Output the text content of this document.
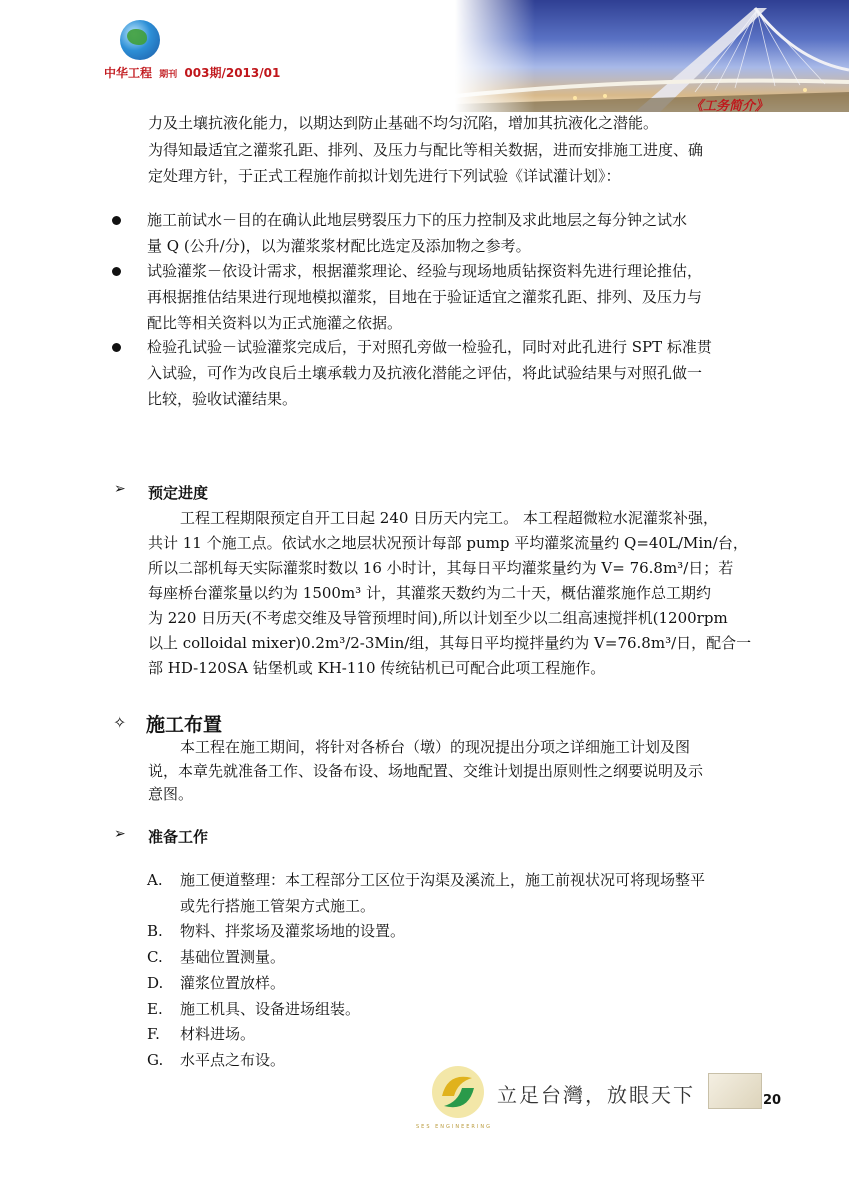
中华工程 期刊 003期/2013/01
《工务简介》
力及土壤抗液化能力，以期达到防止基础不均匀沉陷，增加其抗液化之潜能。
为得知最适宜之灌浆孔距、排列、及压力与配比等相关数据，进而安排施工进度、确
定处理方针，于正式工程施作前拟计划先进行下列试验《详试灌计划》：
施工前试水－目的在确认此地层劈裂压力下的压力控制及求此地层之每分钟之试水
量 Q (公升/分)，以为灌浆浆材配比选定及添加物之参考。
试验灌浆－依设计需求，根据灌浆理论、经验与现场地质钻探资料先进行理论推估，
再根据推估结果进行现地模拟灌浆，目地在于验证适宜之灌浆孔距、排列、及压力与
配比等相关资料以为正式施灌之依据。
检验孔试验－试验灌浆完成后，于对照孔旁做一检验孔，同时对此孔进行 SPT 标准贯
入试验，可作为改良后土壤承载力及抗液化潜能之评估，将此试验结果与对照孔做一
比较，验收试灌结果。
➢ 预定进度
工程工程期限预定自开工日起 240 日历天内完工。 本工程超微粒水泥灌浆补强，
共计 11 个施工点。依试水之地层状况预计每部 pump 平均灌浆流量约 Q=40L/Min/台，
所以二部机每天实际灌浆时数以 16 小时计，其每日平均灌浆量约为 V= 76.8m³/日；若
每座桥台灌浆量以约为 1500m³ 计，其灌浆天数约为二十天，概估灌浆施作总工期约
为 220 日历天(不考虑交维及导管预埋时间),所以计划至少以二组高速搅拌机(1200rpm
以上 colloidal mixer)0.2m³/2-3Min/组，其每日平均搅拌量约为 V=76.8m³/日，配合一
部 HD-120SA 钻堡机或 KH-110 传统钻机已可配合此项工程施作。
✧ 施工布置
本工程在施工期间，将针对各桥台（墩）的现况提出分项之详细施工计划及图
说，本章先就准备工作、设备布设、场地配置、交维计划提出原则性之纲要说明及示
意图。
➢ 准备工作
A. 施工便道整理：本工程部分工区位于沟渠及溪流上，施工前视状况可将现场整平
或先行搭施工管架方式施工。
B. 物料、拌浆场及灌浆场地的设置。
C. 基础位置测量。
D. 灌浆位置放样。
E. 施工机具、设备进场组装。
F. 材料进场。
G. 水平点之布设。
SES ENGINEERING
立足台灣，放眼天下	20
